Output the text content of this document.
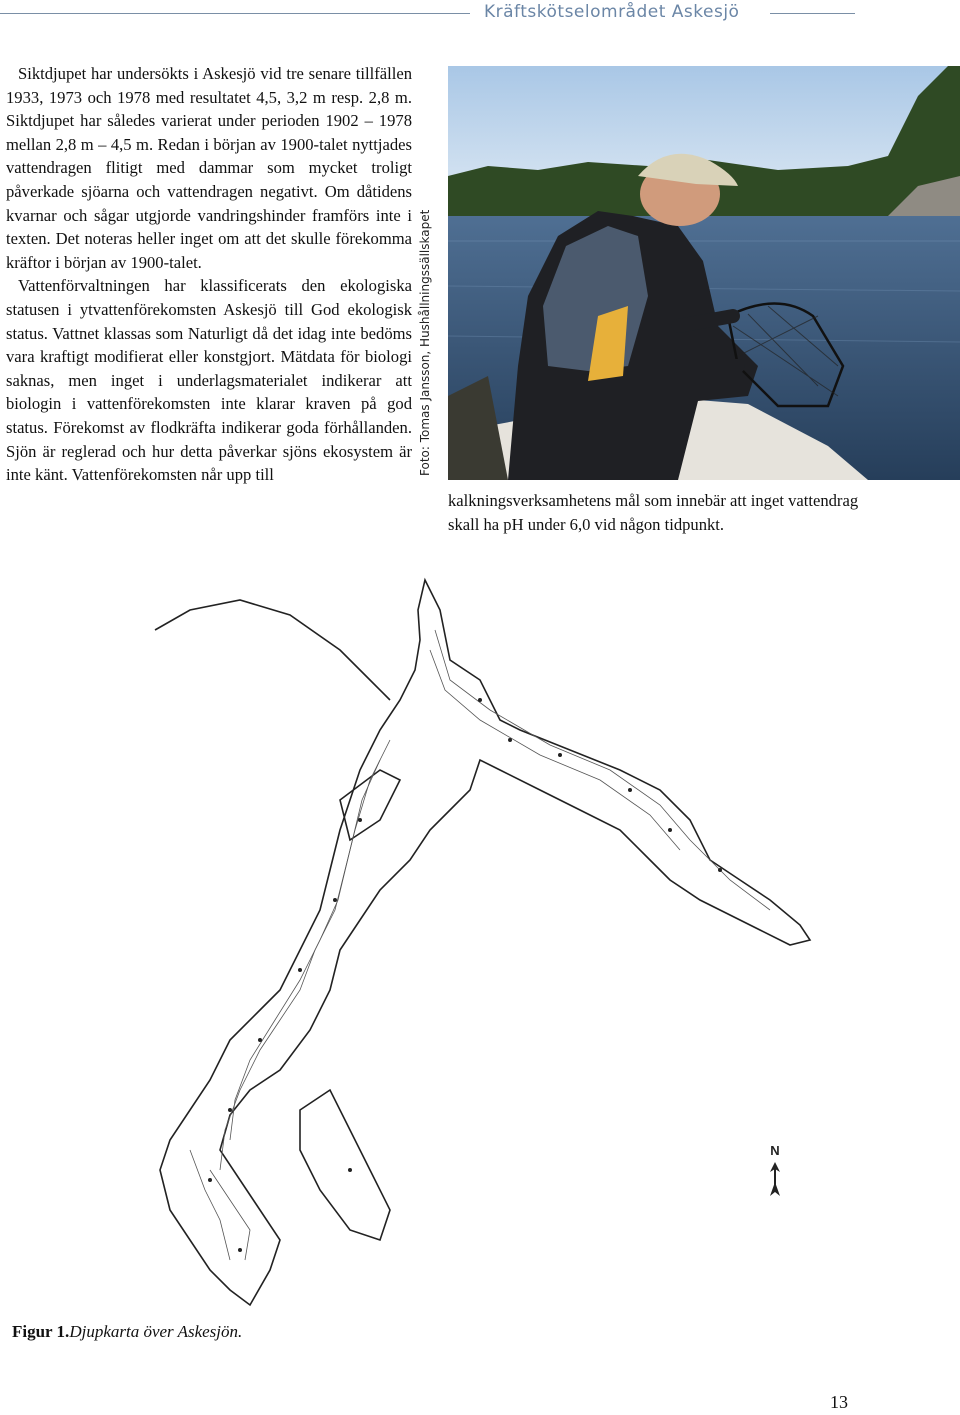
Kräftskötselområdet Askesjö

Siktdjupet har undersökts i Askesjö vid tre senare tillfällen 1933, 1973 och 1978 med resultatet 4,5, 3,2 m resp. 2,8 m. Siktdjupet har således varierat under perioden 1902 – 1978 mellan 2,8 m – 4,5 m. Redan i början av 1900-talet nyttjades vattendragen flitigt med dammar som mycket troligt påverkade sjöarna och vattendragen negativt. Om dåtidens kvarnar och sågar utgjorde vandringshinder framförs inte i texten. Det noteras heller inget om att det skulle förekomma kräftor i början av 1900-talet.

Vattenförvaltningen har klassificerats den ekologiska statusen i ytvattenförekomsten Askesjö till God ekologisk status. Vattnet klassas som Naturligt då det idag inte bedöms vara kraftigt modifierat eller konstgjort. Mätdata för biologi saknas, men inget i underlagsmaterialet indikerar att biologin i vattenförekomsten inte klarar kraven på god status. Förekomst av flodkräfta indikerar goda förhållanden. Sjön är reglerad och hur detta påverkar sjöns ekosystem är inte känt. Vattenförekomsten når upp till	Foto: Tomas Jansson, Hushållningssällskapet
kalkningsverksamhetens mål som innebär att inget vattendrag skall ha pH under 6,0 vid någon tidpunkt.
N
Figur 1.Djupkarta över Askesjön.
13
